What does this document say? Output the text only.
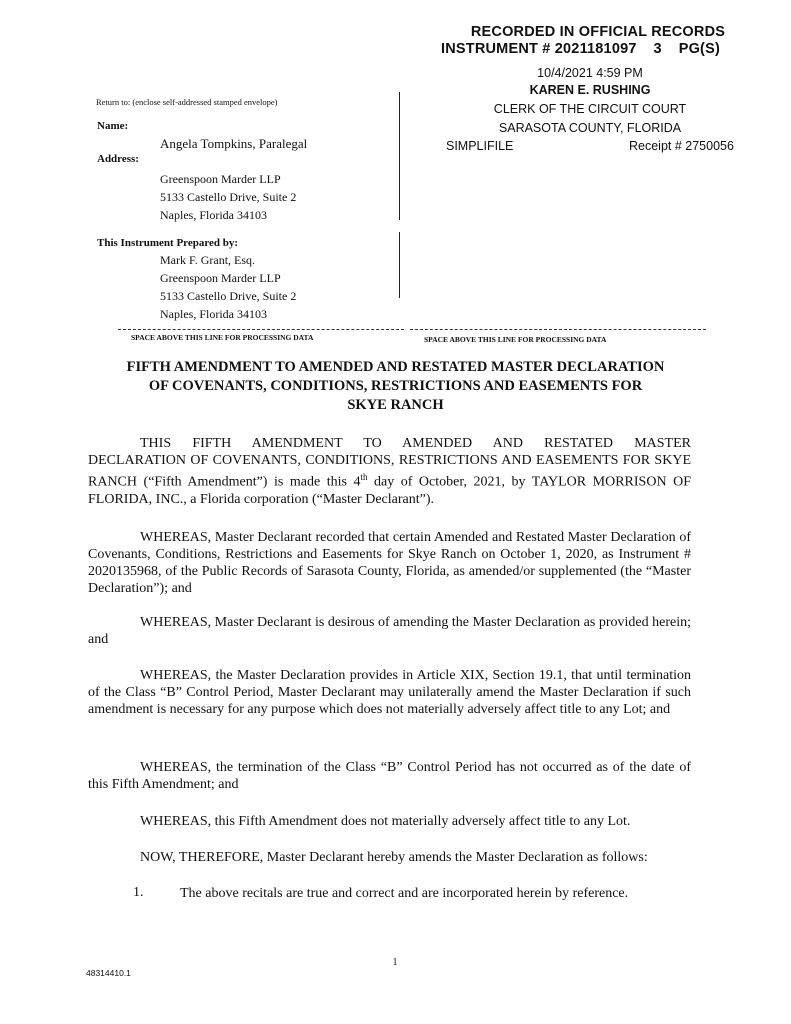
RECORDED IN OFFICIAL RECORDS
INSTRUMENT # 2021181097    3    PG(S)
10/4/2021 4:59 PM
KAREN E. RUSHING
CLERK OF THE CIRCUIT COURT
SARASOTA COUNTY, FLORIDA
SIMPLIFILE	Receipt # 2750056
Return to: (enclose self-addressed stamped envelope)
Name:
Angela Tompkins, Paralegal
Address:
Greenspoon Marder LLP
5133 Castello Drive, Suite 2
Naples, Florida 34103
This Instrument Prepared by:
Mark F. Grant, Esq.
Greenspoon Marder LLP
5133 Castello Drive, Suite 2
Naples, Florida 34103
SPACE ABOVE THIS LINE FOR PROCESSING DATA	SPACE ABOVE THIS LINE FOR PROCESSING DATA
FIFTH AMENDMENT TO AMENDED AND RESTATED MASTER DECLARATION
OF COVENANTS, CONDITIONS, RESTRICTIONS AND EASEMENTS FOR
SKYE RANCH

THIS FIFTH AMENDMENT TO AMENDED AND RESTATED MASTER
DECLARATION OF COVENANTS, CONDITIONS, RESTRICTIONS AND EASEMENTS FOR SKYE RANCH (“Fifth Amendment”) is made this 4th day of October, 2021, by TAYLOR MORRISON OF FLORIDA, INC., a Florida corporation (“Master Declarant”).

WHEREAS, Master Declarant recorded that certain Amended and Restated Master Declaration of Covenants, Conditions, Restrictions and Easements for Skye Ranch on October 1, 2020, as Instrument # 2020135968, of the Public Records of Sarasota County, Florida, as amended/or supplemented (the “Master Declaration”); and

WHEREAS, Master Declarant is desirous of amending the Master Declaration as provided herein; and

WHEREAS, the Master Declaration provides in Article XIX, Section 19.1, that until termination of the Class “B” Control Period, Master Declarant may unilaterally amend the Master Declaration if such amendment is necessary for any purpose which does not materially adversely affect title to any Lot; and

WHEREAS, the termination of the Class “B” Control Period has not occurred as of the date of this Fifth Amendment; and

WHEREAS, this Fifth Amendment does not materially adversely affect title to any Lot.

NOW, THEREFORE, Master Declarant hereby amends the Master Declaration as follows:

1.	The above recitals are true and correct and are incorporated herein by reference.

1
48314410.1
